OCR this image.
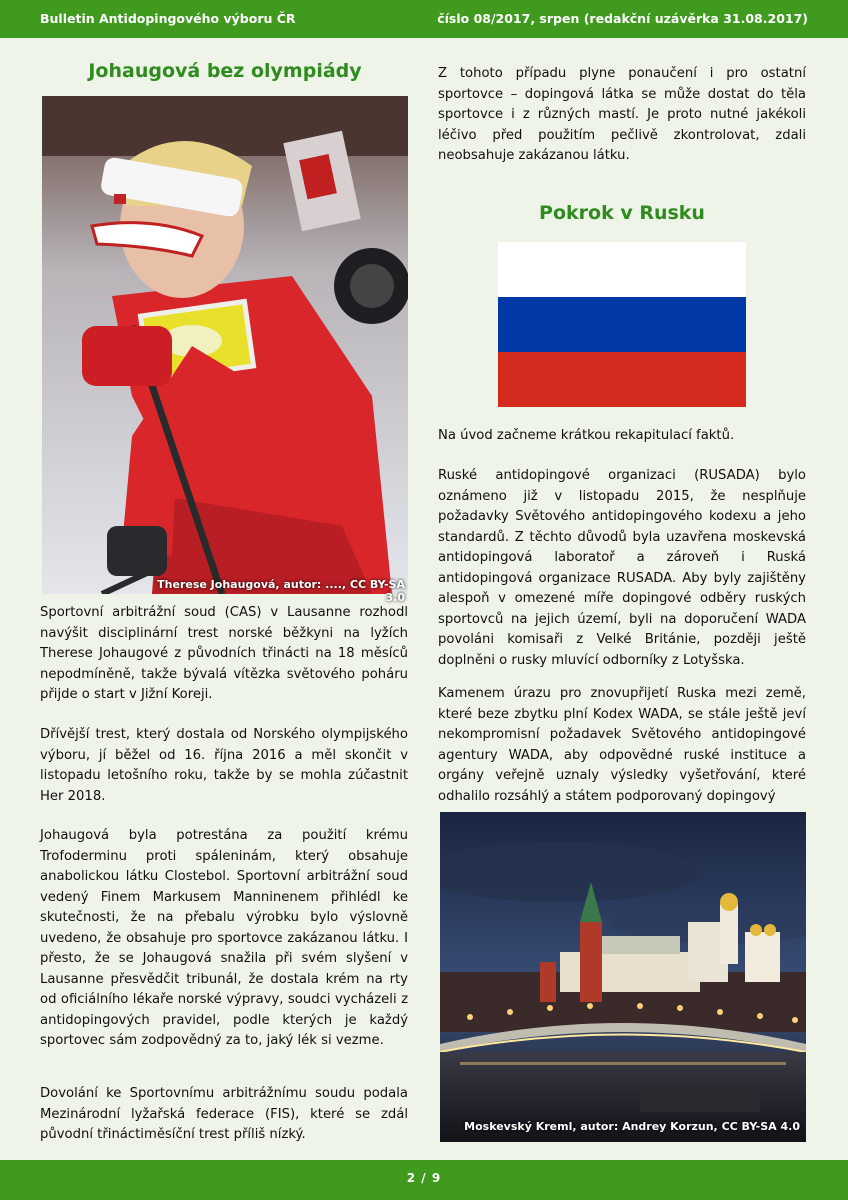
Bulletin Antidopingového výboru ČR	číslo 08/2017, srpen (redakční uzávěrka 31.08.2017)
Johaugová bez olympiády
Therese Johaugová, autor: ...., CC BY-SA 3.0

Sportovní arbitrážní soud (CAS) v Lausanne rozhodl navýšit disciplinární trest norské běžkyni na lyžích Therese Johaugové z původních třinácti na 18 měsíců nepodmíněně, takže bývalá vítězka světového poháru přijde o start v Jižní Koreji.

Dřívější trest, který dostala od Norského olympijského výboru, jí běžel od 16. října 2016 a měl skončit v listopadu letošního roku, takže by se mohla zúčastnit Her 2018.

Johaugová byla potrestána za použití krému Trofoderminu proti spáleninám, který obsahuje anabolickou látku Clostebol. Sportovní arbitrážní soud vedený Finem Markusem Manninenem přihlédl ke skutečnosti, že na přebalu výrobku bylo výslovně uvedeno, že obsahuje pro sportovce zakázanou látku. I přesto, že se Johaugová snažila při svém slyšení v Lausanne přesvědčit tribunál, že dostala krém na rty od oficiálního lékaře norské výpravy, soudci vycházeli z antidopingových pravidel, podle kterých je každý sportovec sám zodpovědný za to, jaký lék si vezme.

Dovolání ke Sportovnímu arbitrážnímu soudu podala Mezinárodní lyžařská federace (FIS), které se zdál původní třináctiměsíční trest příliš nízký.

Z tohoto případu plyne ponaučení i pro ostatní sportovce – dopingová látka se může dostat do těla sportovce i z různých mastí. Je proto nutné jakékoli léčivo před použitím pečlivě zkontrolovat, zdali neobsahuje zakázanou látku.

Pokrok v Rusku

Na úvod začneme krátkou rekapitulací faktů.

Ruské antidopingové organizaci (RUSADA) bylo oznámeno již v listopadu 2015, že nesplňuje požadavky Světového antidopingového kodexu a jeho standardů. Z těchto důvodů byla uzavřena moskevská antidopingová laboratoř a zároveň i Ruská antidopingová organizace RUSADA. Aby byly zajištěny alespoň v omezené míře dopingové odběry ruských sportovců na jejich území, byli na doporučení WADA povoláni komisaři z Velké Británie, později ještě doplněni o rusky mluvící odborníky z Lotyšska.

Kamenem úrazu pro znovupřijetí Ruska mezi země, které beze zbytku plní Kodex WADA, se stále ještě jeví nekompromisní požadavek Světového antidopingové agentury WADA, aby odpovědné ruské instituce a orgány veřejně uznaly výsledky vyšetřování, které odhalilo rozsáhlý a státem podporovaný dopingový

Moskevský Kreml, autor: Andrey Korzun, CC BY-SA 4.0
2 / 9
